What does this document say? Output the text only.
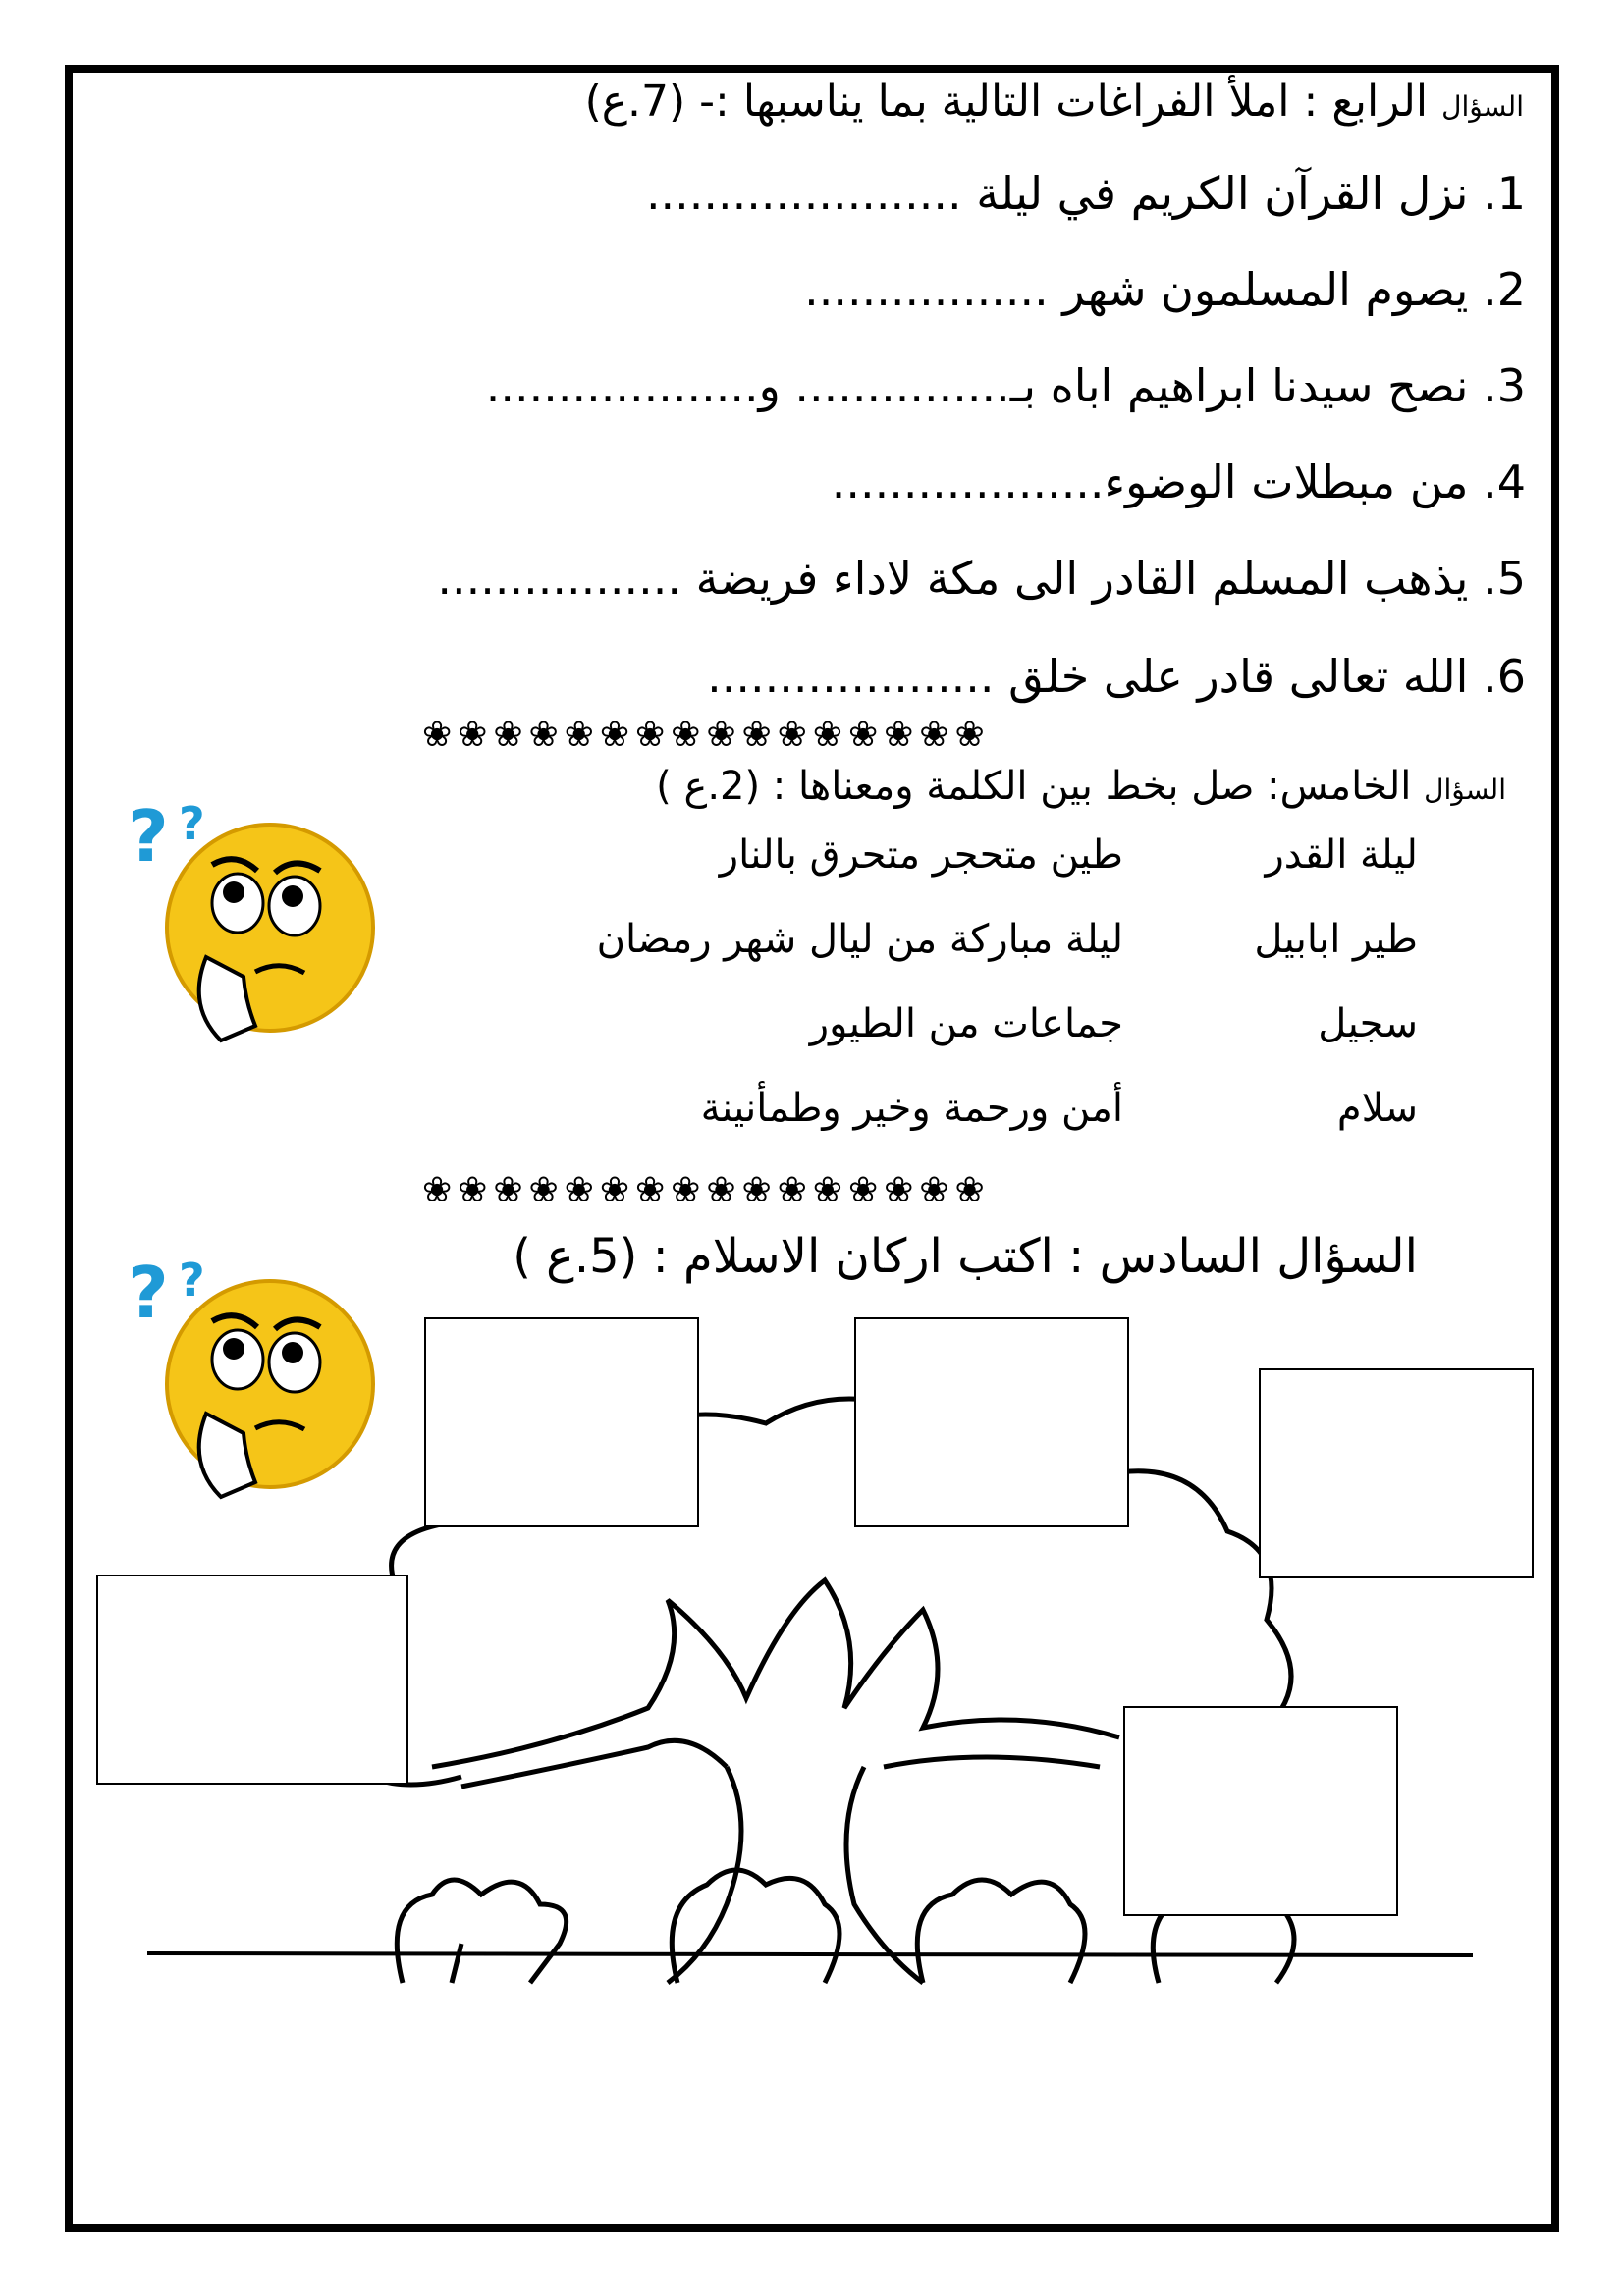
السؤال الرابع : املأ الفراغات التالية بما يناسبها :- (7.ع)
1. نزل القرآن الكريم في ليلة ......................
2. يصوم المسلمون شهر .................
3. نصح سيدنا ابراهيم اباه بـ............... و...................
4. من مبطلات الوضوء...................
5. يذهب المسلم القادر الى مكة لاداء فريضة .................
6. الله تعالى قادر على خلق ....................
❀❀❀❀❀❀❀❀❀❀❀❀❀❀❀❀
السؤال الخامس: صل بخط بين الكلمة ومعناها : (2.ع )
ليلة القدر
طين متحجر متحرق بالنار
طير ابابيل
ليلة مباركة من ليال شهر رمضان
سجيل
جماعات من الطيور
سلام
أمن ورحمة وخير وطمأنينة
❀❀❀❀❀❀❀❀❀❀❀❀❀❀❀❀
السؤال السادس : اكتب اركان الاسلام : (5.ع )
? ?
? ?
